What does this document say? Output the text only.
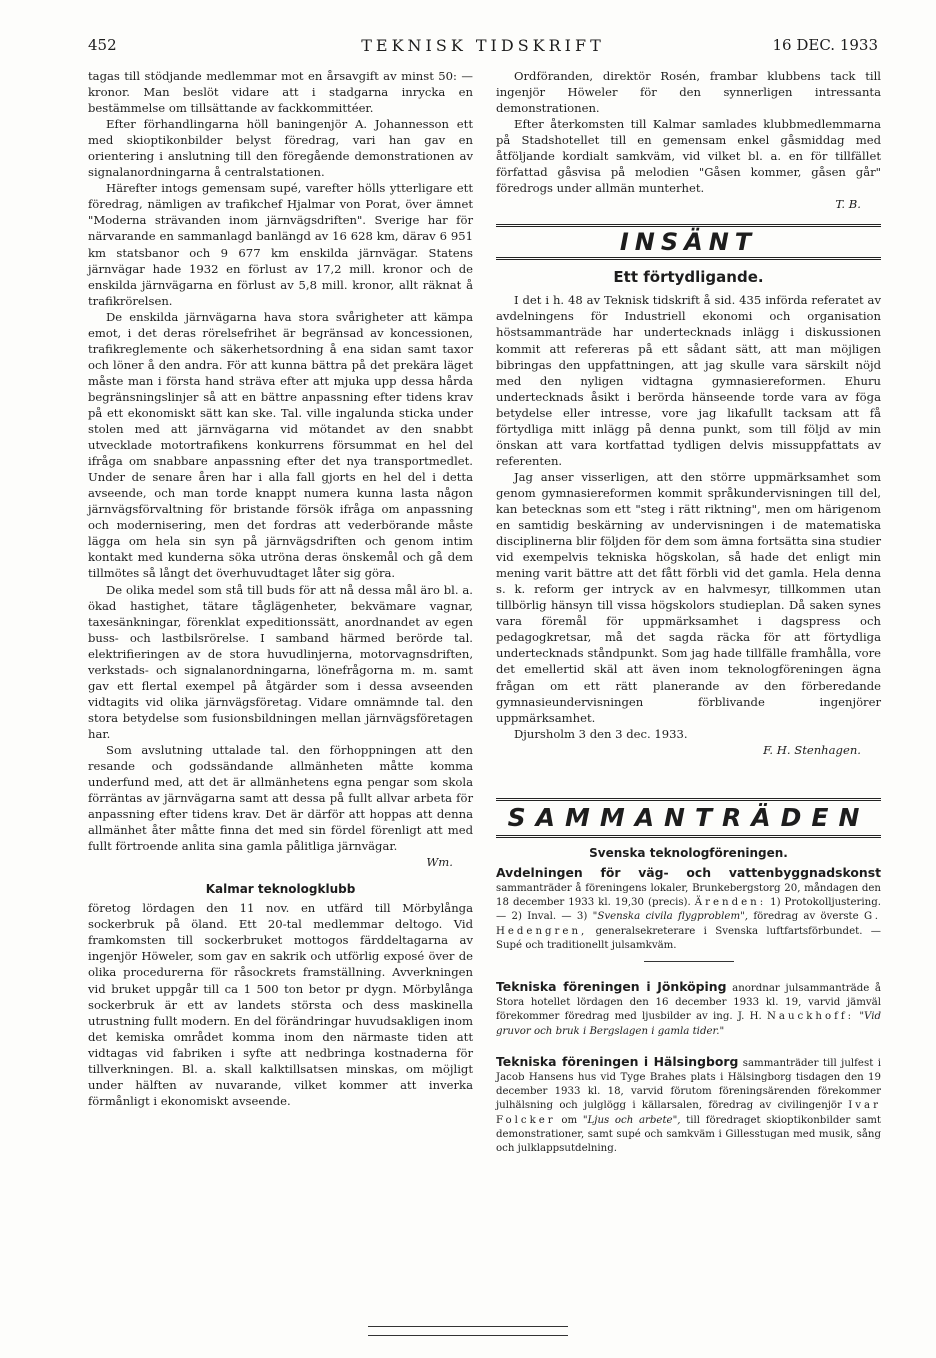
452	TEKNISK TIDSKRIFT	16 DEC. 1933

tagas till stödjande medlemmar mot en årsavgift av minst 50: — kronor. Man beslöt vidare att i stadgarna inrycka en bestämmelse om tillsättande av fackkommittéer.

Efter förhandlingarna höll baningenjör A. Johannesson ett med skioptikonbilder belyst föredrag, vari han gav en orientering i anslutning till den föregående demonstrationen av signalanordningarna å centralstationen.

Härefter intogs gemensam supé, varefter hölls ytterligare ett föredrag, nämligen av trafikchef Hjalmar von Porat, över ämnet "Moderna strävanden inom järnvägsdriften". Sverige har för närvarande en sammanlagd banlängd av 16 628 km, därav 6 951 km statsbanor och 9 677 km enskilda järnvägar. Statens järnvägar hade 1932 en förlust av 17,2 mill. kronor och de enskilda järnvägarna en förlust av 5,8 mill. kronor, allt räknat å trafikrörelsen.

De enskilda järnvägarna hava stora svårigheter att kämpa emot, i det deras rörelsefrihet är begränsad av koncessionen, trafikreglemente och säkerhetsordning å ena sidan samt taxor och löner å den andra. För att kunna bättra på det prekära läget måste man i första hand sträva efter att mjuka upp dessa hårda begränsningslinjer så att en bättre anpassning efter tidens krav på ett ekonomiskt sätt kan ske. Tal. ville ingalunda sticka under stolen med att järnvägarna vid mötandet av den snabbt utvecklade motortrafikens konkurrens försummat en hel del ifråga om snabbare anpassning efter det nya transportmedlet. Under de senare åren har i alla fall gjorts en hel del i detta avseende, och man torde knappt numera kunna lasta någon järnvägsförvaltning för bristande försök ifråga om anpassning och modernisering, men det fordras att vederbörande måste lägga om hela sin syn på järnvägsdriften och genom intim kontakt med kunderna söka utröna deras önskemål och gå dem tillmötes så långt det överhuvudtaget låter sig göra.

De olika medel som stå till buds för att nå dessa mål äro bl. a. ökad hastighet, tätare tåglägenheter, bekvämare vagnar, taxesänkningar, förenklat expeditionssätt, anordnandet av egen buss- och lastbilsrörelse. I samband härmed berörde tal. elektrifieringen av de stora huvudlinjerna, motorvagnsdriften, verkstads- och signalanordningarna, lönefrågorna m. m. samt gav ett flertal exempel på åtgärder som i dessa avseenden vidtagits vid olika järnvägsföretag. Vidare omnämnde tal. den stora betydelse som fusionsbildningen mellan järnvägsföretagen har.

Som avslutning uttalade tal. den förhoppningen att den resande och godssändande allmänheten måtte komma underfund med, att det är allmänhetens egna pengar som skola förräntas av järnvägarna samt att dessa på fullt allvar arbeta för anpassning efter tidens krav. Det är därför att hoppas att denna allmänhet åter måtte finna det med sin fördel förenligt att med fullt förtroende anlita sina gamla pålitliga järnvägar.

Wm.

Kalmar teknologklubb

företog lördagen den 11 nov. en utfärd till Mörbylånga sockerbruk på öland. Ett 20-tal medlemmar deltogo. Vid framkomsten till sockerbruket mottogos färddeltagarna av ingenjör Höweler, som gav en sakrik och utförlig exposé över de olika procedurerna för råsockrets framställning. Avverkningen vid bruket uppgår till ca 1 500 ton betor pr dygn. Mörbylånga sockerbruk är ett av landets största och dess maskinella utrustning fullt modern. En del förändringar huvudsakligen inom det kemiska området komma inom den närmaste tiden att vidtagas vid fabriken i syfte att nedbringa kostnaderna för tillverkningen. Bl. a. skall kalktillsatsen minskas, om möjligt under hälften av nuvarande, vilket kommer att inverka förmånligt i ekonomiskt avseende.

Ordföranden, direktör Rosén, frambar klubbens tack till ingenjör Höweler för den synnerligen intressanta demonstrationen.

Efter återkomsten till Kalmar samlades klubbmedlemmarna på Stadshotellet till en gemensam enkel gåsmiddag med åtföljande kordialt samkväm, vid vilket bl. a. en för tillfället författad gåsvisa på melodien "Gåsen kommer, gåsen går" föredrogs under allmän munterhet.

T. B.

INSÄNT
Ett förtydligande.

I det i h. 48 av Teknisk tidskrift å sid. 435 införda referatet av avdelningens för Industriell ekonomi och organisation höstsammanträde har undertecknads inlägg i diskussionen kommit att refereras på ett sådant sätt, att man möjligen bibringas den uppfattningen, att jag skulle vara särskilt nöjd med den nyligen vidtagna gymnasiereformen. Ehuru undertecknads åsikt i berörda hänseende torde vara av föga betydelse eller intresse, vore jag likafullt tacksam att få förtydliga mitt inlägg på denna punkt, som till följd av min önskan att vara kortfattad tydligen delvis missuppfattats av referenten.

Jag anser visserligen, att den större uppmärksamhet som genom gymnasiereformen kommit språkundervisningen till del, kan betecknas som ett "steg i rätt riktning", men om härigenom en samtidig beskärning av undervisningen i de matematiska disciplinerna blir följden för dem som ämna fortsätta sina studier vid exempelvis tekniska högskolan, så hade det enligt min mening varit bättre att det fått förbli vid det gamla. Hela denna s. k. reform ger intryck av en halvmesyr, tillkommen utan tillbörlig hänsyn till vissa högskolors studieplan. Då saken synes vara föremål för uppmärksamhet i dagspress och pedagogkretsar, må det sagda räcka för att förtydliga undertecknads ståndpunkt. Som jag hade tillfälle framhålla, vore det emellertid skäl att även inom teknologföreningen ägna frågan om ett rätt planerande av den förberedande gymnasieundervisningen förblivande ingenjörer uppmärksamhet.

Djursholm 3 den 3 dec. 1933.

F. H. Stenhagen.

SAMMANTRÄDEN
Svenska teknologföreningen.

Avdelningen för väg- och vattenbyggnadskonst sammanträder å föreningens lokaler, Brunkebergstorg 20, måndagen den 18 december 1933 kl. 19,30 (precis). Ärenden: 1) Protokolljustering. — 2) Inval. — 3) "Svenska civila flygproblem", föredrag av överste G. Hedengren, generalsekreterare i Svenska luftfartsförbundet. — Supé och traditionellt julsamkväm.

Tekniska föreningen i Jönköping anordnar julsammanträde å Stora hotellet lördagen den 16 december 1933 kl. 19, varvid jämväl förekommer föredrag med ljusbilder av ing. J. H. Nauckhoff: "Vid gruvor och bruk i Bergslagen i gamla tider."

Tekniska föreningen i Hälsingborg sammanträder till julfest i Jacob Hansens hus vid Tyge Brahes plats i Hälsingborg tisdagen den 19 december 1933 kl. 18, varvid förutom föreningsärenden förekommer julhälsning och julglögg i källarsalen, föredrag av civilingenjör Ivar Folcker om "Ljus och arbete", till föredraget skioptikonbilder samt demonstrationer, samt supé och samkväm i Gillesstugan med musik, sång och julklappsutdelning.
